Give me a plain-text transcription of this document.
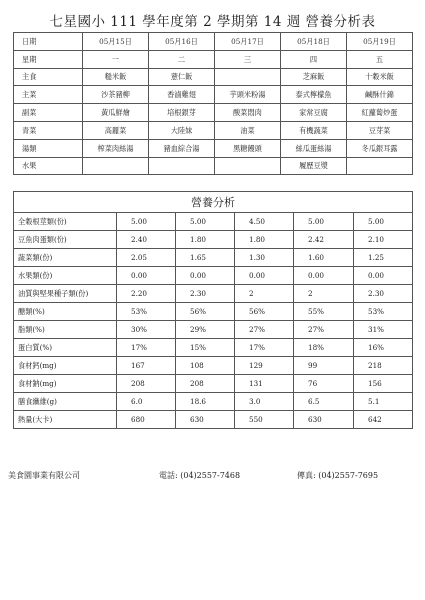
七星國小 111 學年度第 2 學期第 14 週 營養分析表
日期	05月15日	05月16日	05月17日	05月18日	05月19日
星期	一	二	三	四	五
主食	糙米飯	薏仁飯		芝麻飯	十穀米飯
主菜	沙茶豬柳	香滷雞翅	芋頭米粉湯	泰式檸檬魚	鹹酥什錦
副菜	黃瓜鮮燴	培根銀芽	酸菜悶肉	家常豆腐	紅蘿蔔炒蛋
青菜	高麗菜	大陸妹	油菜	有機蔬菜	豆芽菜
湯類	榨菜肉絲湯	豬血綜合湯	黑糖饅頭	絲瓜蛋絲湯	冬瓜銀耳露
水果				履歷豆漿	
營養分析					
全穀根莖類(份)	5.00	5.00	4.50	5.00	5.00
豆魚肉蛋類(份)	2.40	1.80	1.80	2.42	2.10
蔬菜類(份)	2.05	1.65	1.30	1.60	1.25
水果類(份)	0.00	0.00	0.00	0.00	0.00
油質與堅果種子類(份)	2.20	2.30	2	2	2.30
醣類(%)	53%	56%	56%	55%	53%
脂類(%)	30%	29%	27%	27%	31%
蛋白質(%)	17%	15%	17%	18%	16%
食材鈣(mg)	167	108	129	99	218
食材鈉(mg)	208	208	131	76	156
膳食纖維(g)	6.0	18.6	3.0	6.5	5.1
熱量(大卡)	680	630	550	630	642
美食園事業有限公司	電話: (04)2557-7468	傳真: (04)2557-7695
